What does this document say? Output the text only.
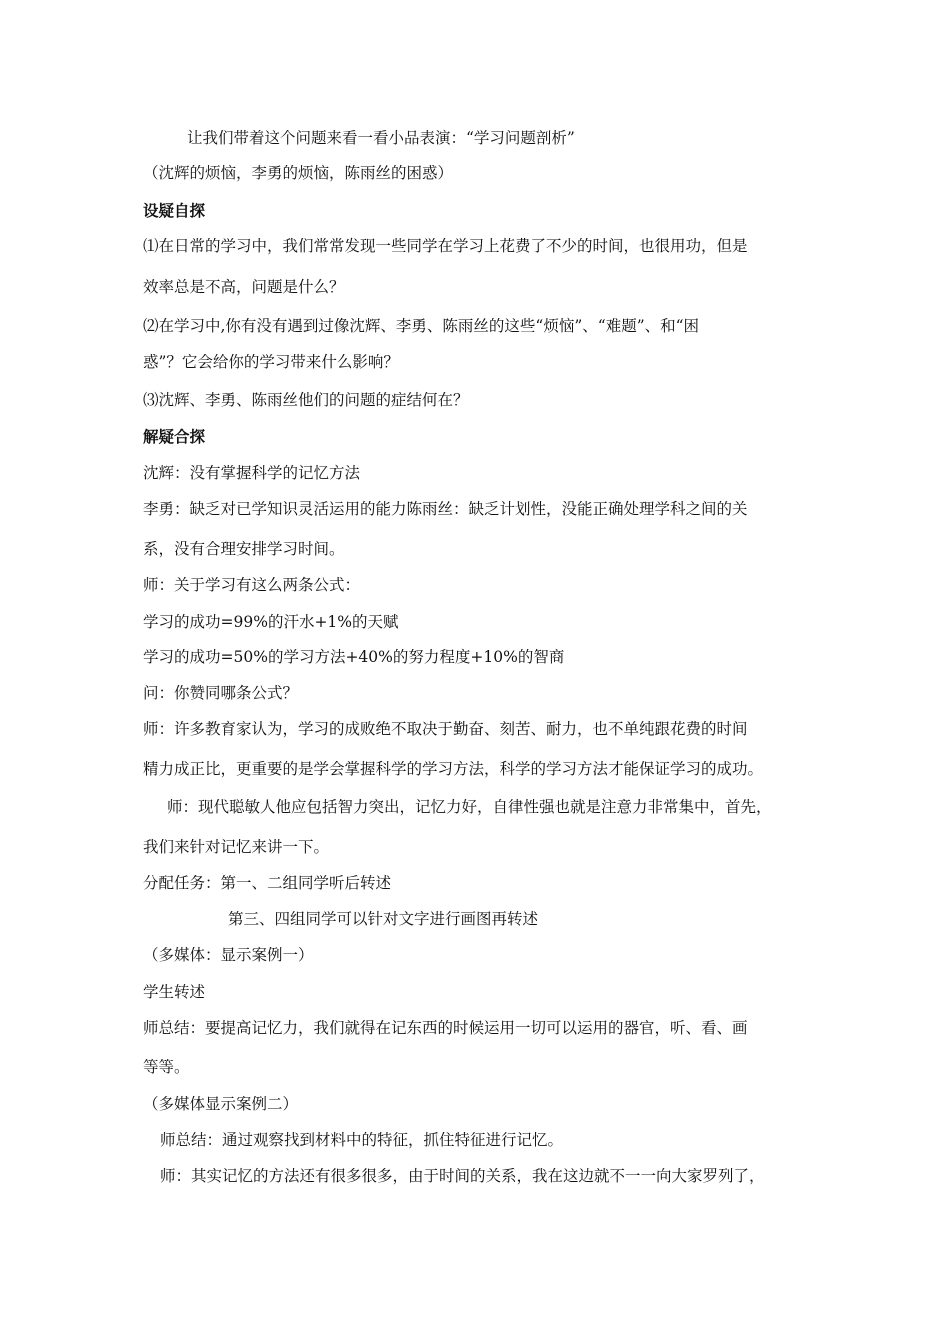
让我们带着这个问题来看一看小品表演：“学习问题剖析”
（沈辉的烦恼，李勇的烦恼，陈雨丝的困惑）
设疑自探
⑴在日常的学习中，我们常常发现一些同学在学习上花费了不少的时间，也很用功，但是
效率总是不高，问题是什么？
⑵在学习中,你有没有遇到过像沈辉、李勇、陈雨丝的这些“烦恼”、“难题”、和“困
惑”？它会给你的学习带来什么影响？
⑶沈辉、李勇、陈雨丝他们的问题的症结何在？
解疑合探
沈辉：没有掌握科学的记忆方法
李勇：缺乏对已学知识灵活运用的能力陈雨丝：缺乏计划性，没能正确处理学科之间的关
系，没有合理安排学习时间。
师：关于学习有这么两条公式：
学习的成功=99%的汗水+1%的天赋
学习的成功=50%的学习方法+40%的努力程度+10%的智商
问：你赞同哪条公式？
师：许多教育家认为，学习的成败绝不取决于勤奋、刻苦、耐力，也不单纯跟花费的时间
精力成正比，更重要的是学会掌握科学的学习方法，科学的学习方法才能保证学习的成功。
师：现代聪敏人他应包括智力突出，记忆力好，自律性强也就是注意力非常集中，首先，
我们来针对记忆来讲一下。
分配任务：第一、二组同学听后转述
第三、四组同学可以针对文字进行画图再转述
（多媒体：显示案例一）
学生转述
师总结：要提高记忆力，我们就得在记东西的时候运用一切可以运用的器官，听、看、画
等等。
（多媒体显示案例二）
师总结：通过观察找到材料中的特征，抓住特征进行记忆。
师：其实记忆的方法还有很多很多，由于时间的关系，我在这边就不一一向大家罗列了，
